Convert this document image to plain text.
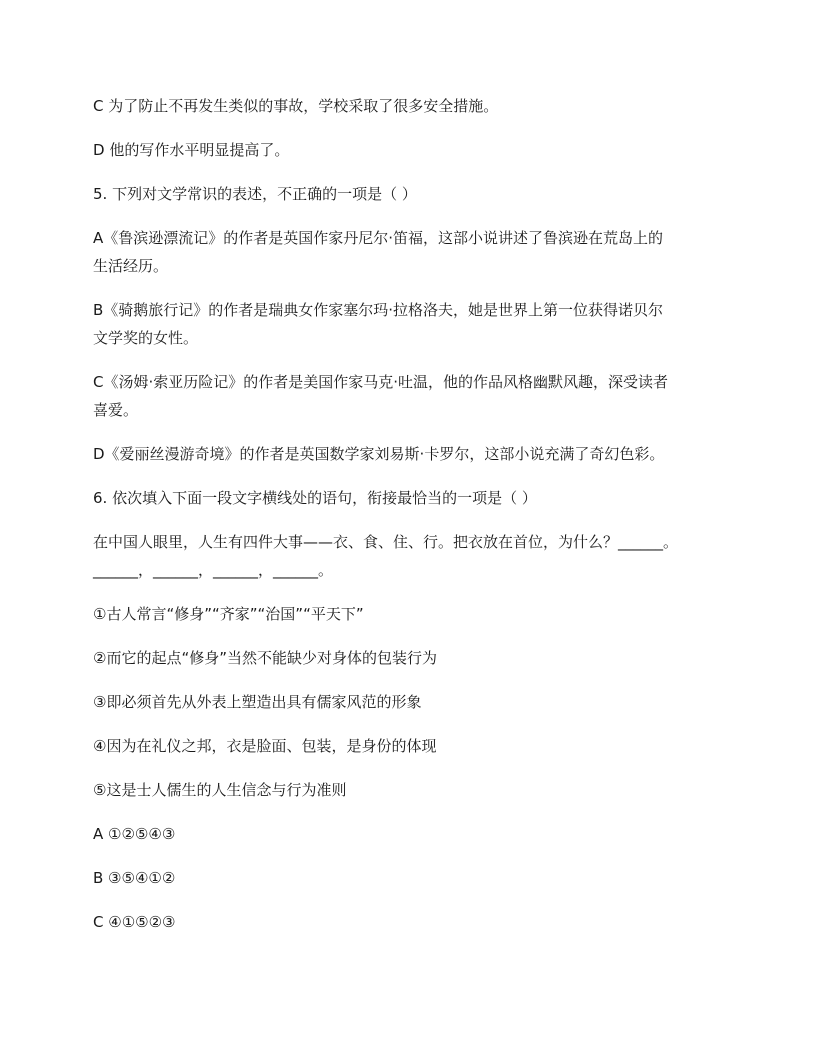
C 为了防止不再发生类似的事故，学校采取了很多安全措施。

D 他的写作水平明显提高了。

5. 下列对文学常识的表述，不正确的一项是（ ）

A《鲁滨逊漂流记》的作者是英国作家丹尼尔·笛福，这部小说讲述了鲁滨逊在荒岛上的

生活经历。

B《骑鹅旅行记》的作者是瑞典女作家塞尔玛·拉格洛夫，她是世界上第一位获得诺贝尔

文学奖的女性。

C《汤姆·索亚历险记》的作者是美国作家马克·吐温，他的作品风格幽默风趣，深受读者

喜爱。

D《爱丽丝漫游奇境》的作者是英国数学家刘易斯·卡罗尔，这部小说充满了奇幻色彩。

6. 依次填入下面一段文字横线处的语句，衔接最恰当的一项是（ ）

在中国人眼里，人生有四件大事——衣、食、住、行。把衣放在首位，为什么？______。

______，______，______，______。

①古人常言“修身”“齐家”“治国”“平天下”

②而它的起点“修身”当然不能缺少对身体的包装行为

③即必须首先从外表上塑造出具有儒家风范的形象

④因为在礼仪之邦，衣是脸面、包装，是身份的体现

⑤这是士人儒生的人生信念与行为准则

A ①②⑤④③

B ③⑤④①②

C ④①⑤②③
